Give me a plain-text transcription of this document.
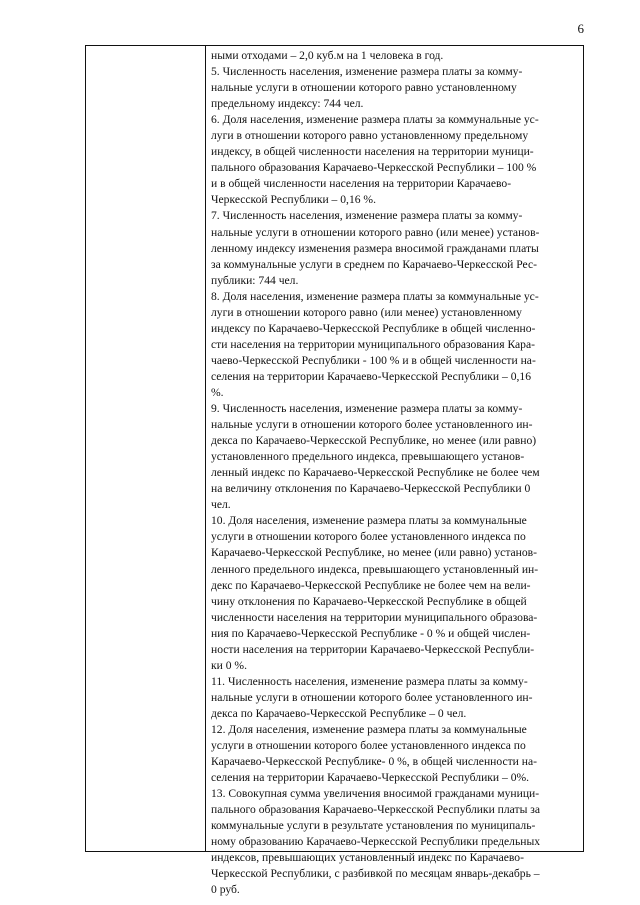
6
ными отходами – 2,0 куб.м на 1 человека в год.
5. Численность населения, изменение размера платы за комму-
нальные услуги в отношении которого равно установленному
предельному индексу: 744 чел.
6. Доля населения, изменение размера платы за коммунальные ус-
луги в отношении которого равно установленному предельному
индексу, в общей численности населения на территории муници-
пального образования Карачаево-Черкесской Республики – 100 %
и в общей численности населения на территории Карачаево-
Черкесской Республики – 0,16 %.
7. Численность населения, изменение размера платы за комму-
нальные услуги в отношении которого равно (или менее) установ-
ленному индексу изменения размера вносимой гражданами платы
за коммунальные услуги в среднем по Карачаево-Черкесской Рес-
публики: 744 чел.
8. Доля населения, изменение размера платы за коммунальные ус-
луги в отношении которого равно (или менее) установленному
индексу по Карачаево-Черкесской Республике в общей численно-
сти населения на территории муниципального образования Кара-
чаево-Черкесской Республики - 100 % и в общей численности на-
селения на территории Карачаево-Черкесской Республики – 0,16
%.
9. Численность населения, изменение размера платы за комму-
нальные услуги в отношении которого более установленного ин-
декса по Карачаево-Черкесской Республике, но менее (или равно)
установленного предельного индекса, превышающего установ-
ленный индекс по Карачаево-Черкесской Республике не более чем
на величину отклонения по Карачаево-Черкесской Республики 0
чел.
10. Доля населения, изменение размера платы за коммунальные
услуги в отношении которого более установленного индекса по
Карачаево-Черкесской Республике, но менее (или равно) установ-
ленного предельного индекса, превышающего установленный ин-
декс по Карачаево-Черкесской Республике не более чем на вели-
чину отклонения по Карачаево-Черкесской Республике в общей
численности населения на территории муниципального образова-
ния по Карачаево-Черкесской Республике - 0 % и общей числен-
ности населения на территории Карачаево-Черкесской Республи-
ки 0 %.
11. Численность населения, изменение размера платы за комму-
нальные услуги в отношении которого более установленного ин-
декса по Карачаево-Черкесской Республике – 0 чел.
12. Доля населения, изменение размера платы за коммунальные
услуги в отношении которого более установленного индекса по
Карачаево-Черкесской Республике- 0 %, в общей численности на-
селения на территории Карачаево-Черкесской Республики – 0%.
13. Совокупная сумма увеличения вносимой гражданами муници-
пального образования Карачаево-Черкесской Республики платы за
коммунальные услуги в результате установления по муниципаль-
ному образованию Карачаево-Черкесской Республики предельных
индексов, превышающих установленный индекс по Карачаево-
Черкесской Республики, с разбивкой по месяцам январь-декабрь –
0 руб.
